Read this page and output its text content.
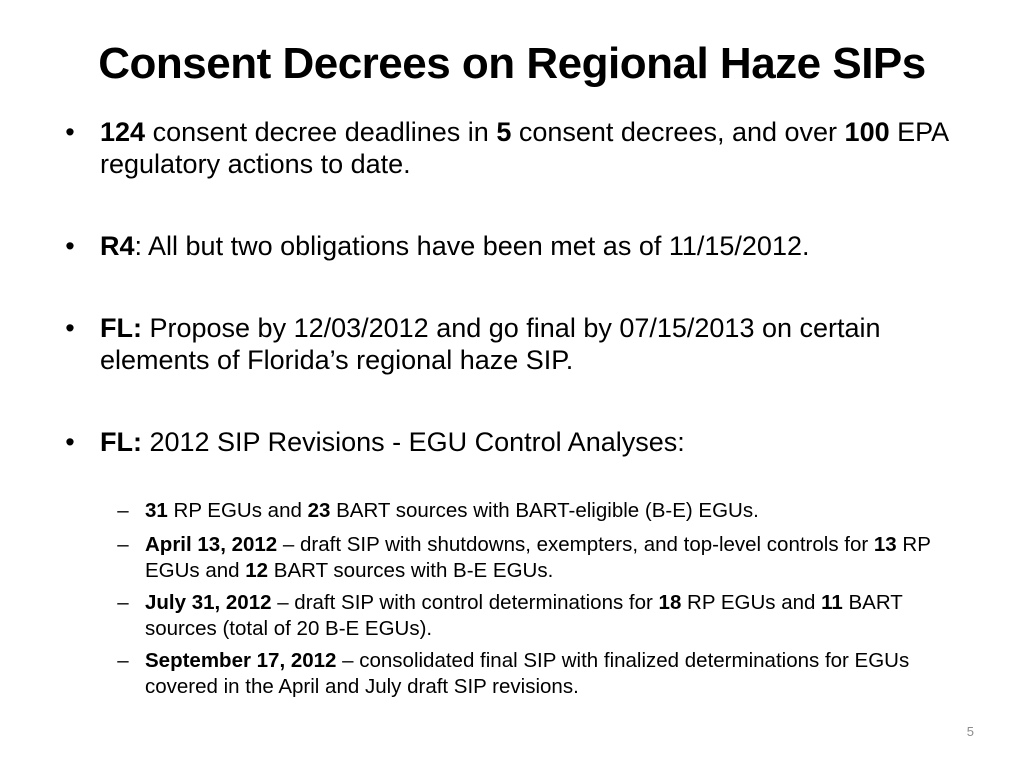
Consent Decrees on Regional Haze SIPs
• 124 consent decree deadlines in 5 consent decrees, and over 100 EPA regulatory actions to date.
• R4: All but two obligations have been met as of 11/15/2012.
• FL: Propose by 12/03/2012 and go final by 07/15/2013 on certain elements of Florida’s regional haze SIP.
• FL: 2012 SIP Revisions - EGU Control Analyses:
– 31 RP EGUs and 23 BART sources with BART-eligible (B-E) EGUs.
– April 13, 2012 – draft SIP with shutdowns, exempters, and top-level controls for 13 RP EGUs and 12 BART sources with B-E EGUs.
– July 31, 2012 – draft SIP with control determinations for 18 RP EGUs and 11 BART sources (total of 20 B-E EGUs).
– September 17, 2012 – consolidated final SIP with finalized determinations for EGUs covered in the April and July draft SIP revisions.
5
